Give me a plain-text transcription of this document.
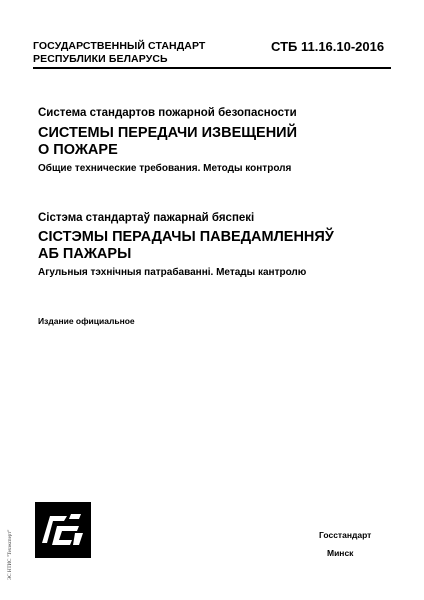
ГОСУДАРСТВЕННЫЙ СТАНДАРТ
РЕСПУБЛИКИ БЕЛАРУСЬ
СТБ 11.16.10-2016
Система стандартов пожарной безопасности
СИСТЕМЫ ПЕРЕДАЧИ ИЗВЕЩЕНИЙ
О ПОЖАРЕ
Общие технические требования. Методы контроля
Сістэма стандартаў пажарнай бяспекі
СІСТЭМЫ ПЕРАДАЧЫ ПАВЕДАМЛЕННЯЎ
АБ ПАЖАРЫ
Агульныя тэхнічныя патрабаванні. Метады кантролю
Издание официальное
Госстандарт
Минск
ЭС НТИС "Техэксперт"
